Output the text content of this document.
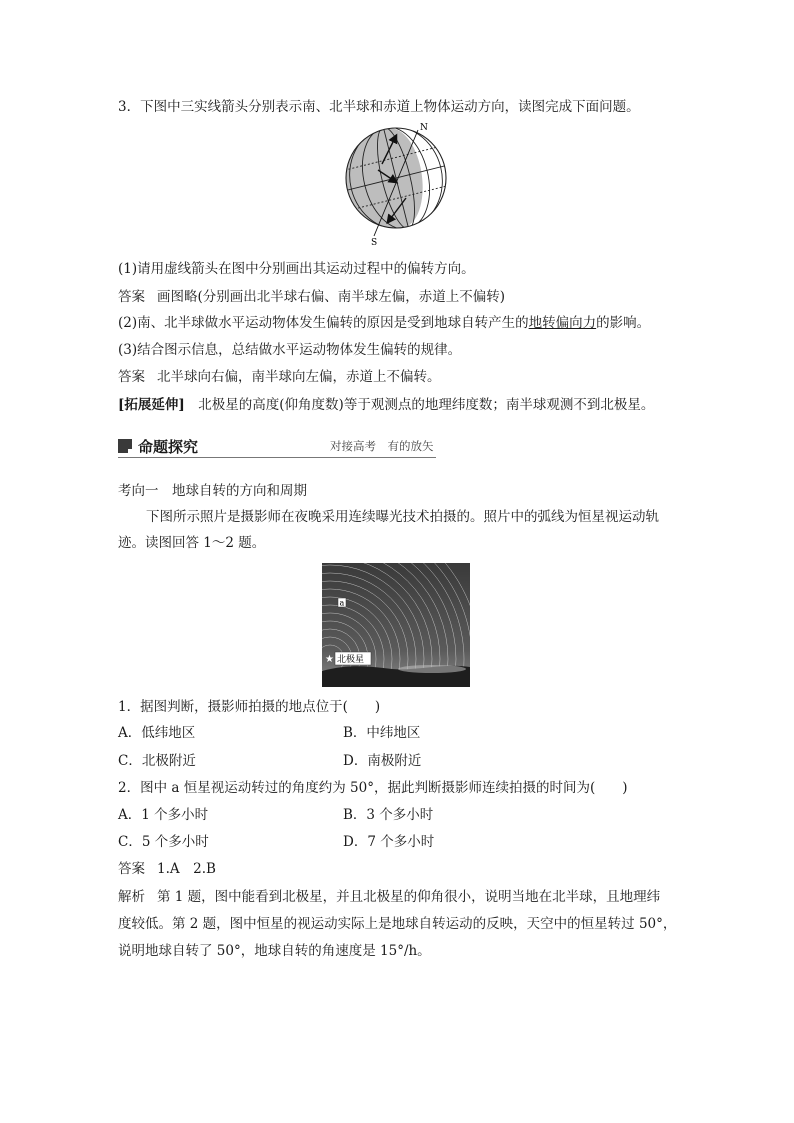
3．下图中三实线箭头分别表示南、北半球和赤道上物体运动方向，读图完成下面问题。
N
S
(1)请用虚线箭头在图中分别画出其运动过程中的偏转方向。
答案 画图略(分别画出北半球右偏、南半球左偏，赤道上不偏转)
(2)南、北半球做水平运动物体发生偏转的原因是受到地球自转产生的地转偏向力的影响。
(3)结合图示信息，总结做水平运动物体发生偏转的规律。
答案 北半球向右偏，南半球向左偏，赤道上不偏转。
[拓展延伸]　 北极星的高度(仰角度数)等于观测点的地理纬度数；南半球观测不到北极星。
命题探究	对接高考　有的放矢
考向一　地球自转的方向和周期
下图所示照片是摄影师在夜晚采用连续曝光技术拍摄的。照片中的弧线为恒星视运动轨
迹。读图回答 1～2 题。
a
★ 北极星
1．据图判断，摄影师拍摄的地点位于(　　)
A．低纬地区	B．中纬地区
C．北极附近	D．南极附近
2．图中 a 恒星视运动转过的角度约为 50°，据此判断摄影师连续拍摄的时间为(　　)
A．1 个多小时	B．3 个多小时
C．5 个多小时	D．7 个多小时
答案 1.A　2.B
解析 第 1 题，图中能看到北极星，并且北极星的仰角很小，说明当地在北半球，且地理纬
度较低。第 2 题，图中恒星的视运动实际上是地球自转运动的反映，天空中的恒星转过 50°，
说明地球自转了 50°，地球自转的角速度是 15°/h。
